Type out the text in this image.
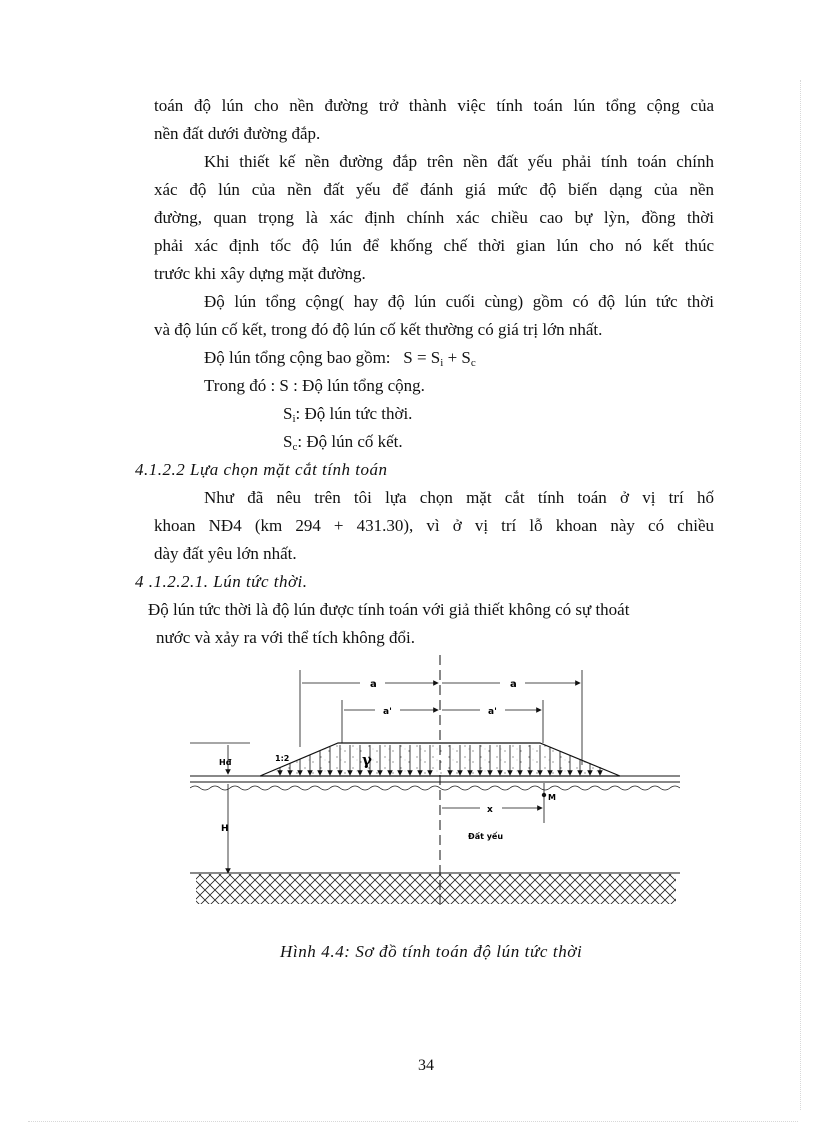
toán độ lún cho nền đường trở thành việc tính toán lún tổng cộng của
nền đất dưới đường đắp.
Khi thiết kế nền đường đắp trên nền đất yếu phải tính toán chính
xác độ lún của nền đất yếu để đánh giá mức độ biến dạng của nền
đường, quan trọng là xác định chính xác chiều cao bự lỳn, đồng thời
phải xác định tốc độ lún để khống chế thời gian lún cho nó kết thúc
trước khi xây dựng mặt đường.
Độ lún tổng cộng( hay độ lún cuối cùng) gồm có độ lún tức thời
và độ lún cố kết, trong đó độ lún cố kết thường có giá trị lớn nhất.
Độ lún tổng cộng bao gồm: $S = S_i + S_c$
Trong đó : S : Độ lún tổng cộng.
$S_i$: Độ lún tức thời.
$S_c$: Độ lún cố kết.
4.1.2.2 Lựa chọn mặt cắt tính toán
Như đã nêu trên tôi lựa chọn mặt cắt tính toán ở vị trí hố
khoan NĐ4 (km 294 + 431.30), vì ở vị trí lỗ khoan này có chiều
dày đất yêu lớn nhất.
4 .1.2.2.1. Lún tức thời.
Độ lún tức thời là độ lún được tính toán với giả thiết không có sự thoát
nước và xảy ra với thể tích không đổi.
a	a
a'	a'
γ
1:2
Hđ
H
x
M
Đất yếu
Hình 4.4: Sơ đồ tính toán độ lún tức thời
34
